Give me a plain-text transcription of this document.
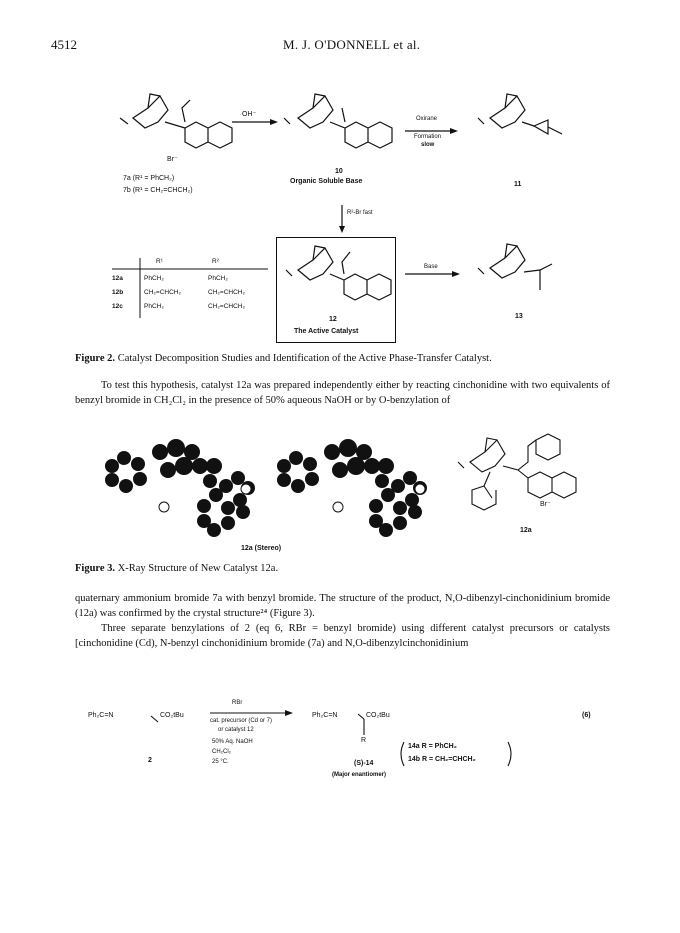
4512	M. J. O'DONNELL et al.
7a (R¹ = PhCH₂)
7b (R¹ = CH₂=CHCH₂)
Br⁻
OH⁻
10
Organic Soluble Base
Oxirane
Formation
slow
11
R²-Br fast
Base
13
12
The Active Catalyst
R¹	R²
12a	PhCH₂	PhCH₂
12b	CH₂=CHCH₂	CH₂=CHCH₂
12c	PhCH₂	CH₂=CHCH₂
Figure 2. Catalyst Decomposition Studies and Identification of the Active Phase-Transfer Catalyst.
To test this hypothesis, catalyst 12a was prepared independently either by reacting cinchonidine with two equivalents of benzyl bromide in CH₂Cl₂ in the presence of 50% aqueous NaOH or by O-benzylation of
Br⁻
12a
12a (Stereo)
Figure 3. X-Ray Structure of New Catalyst 12a.
quaternary ammonium bromide 7a with benzyl bromide. The structure of the product, N,O-dibenzyl-cinchonidinium bromide (12a) was confirmed by the crystal structure²⁴ (Figure 3).
Three separate benzylations of 2 (eq 6, RBr = benzyl bromide) using different catalyst precursors or catalysts [cinchonidine (Cd), N-benzyl cinchonidinium bromide (7a) and N,O-dibenzylcinchonidinium
Ph₂C=N	CO₂tBu
2
RBr
cat. precursor (Cd or 7)
or catalyst 12
50% Aq. NaOH
CH₂Cl₂
25 °C.
Ph₂C=N	CO₂tBu
R
(S)-14
(Major enantiomer)
14a R = PhCH₂
14b R = CH₂=CHCH₂
(6)
